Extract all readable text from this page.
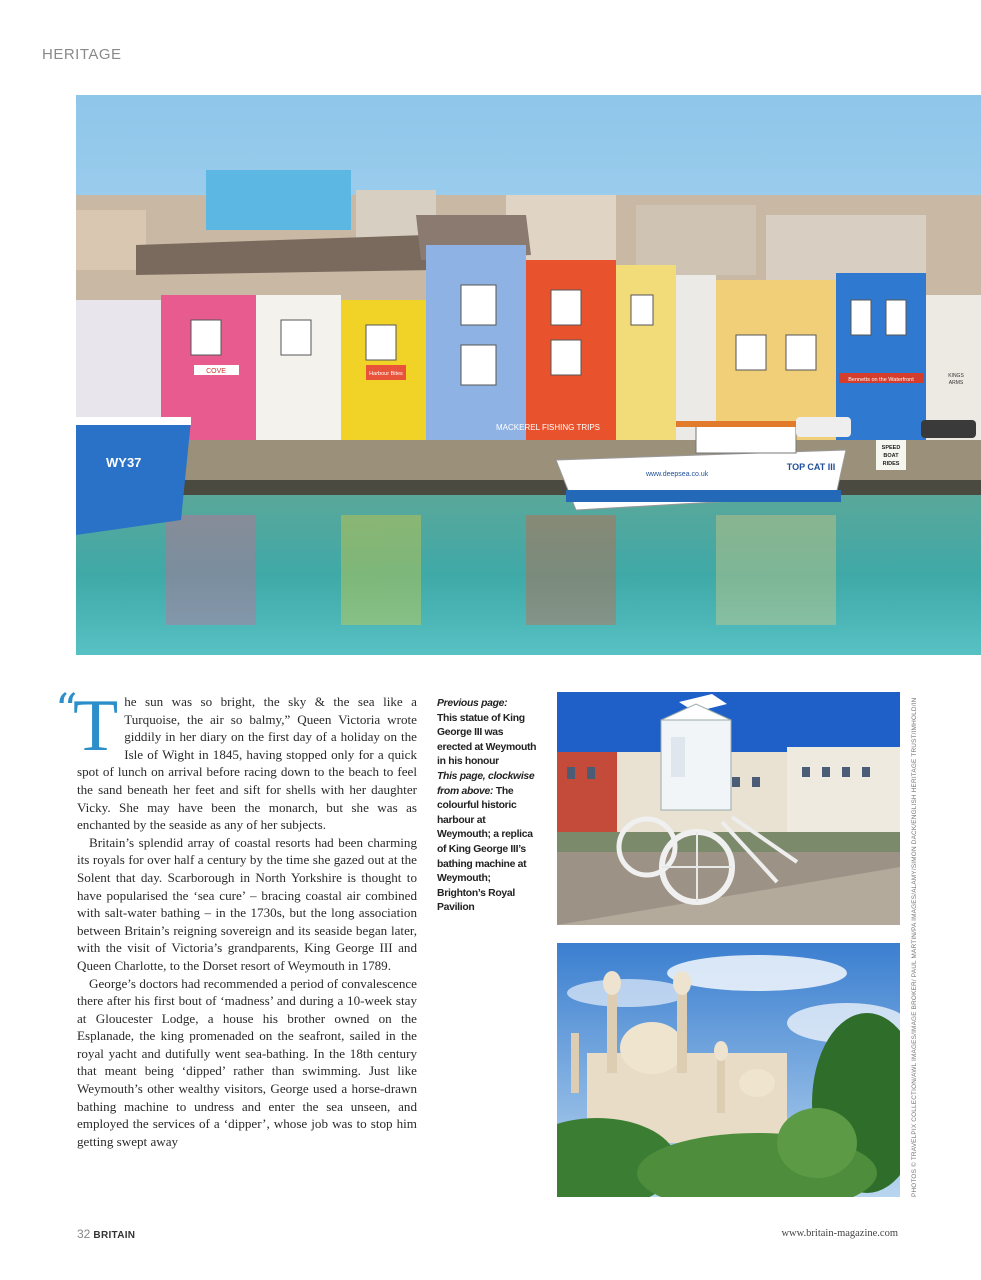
HERITAGE
COVE	Harbour Bites
Bennetts on the Waterfront
KINGS
ARMS
MACKEREL FISHING TRIPS
SPEED
BOAT
RIDES
WY37
www.deepsea.co.uk
TOP CAT III
“

The sun was so bright, the sky & the sea like a Turquoise, the air so balmy,” Queen Victoria wrote giddily in her diary on the first day of a holiday on the Isle of Wight in 1845, having stopped only for a quick spot of lunch on arrival before racing down to the beach to feel the sand beneath her feet and sift for shells with her daughter Vicky. She may have been the monarch, but she was as enchanted by the seaside as any of her subjects.

Britain’s splendid array of coastal resorts had been charming its royals for over half a century by the time she gazed out at the Solent that day. Scarborough in North Yorkshire is thought to have popularised the ‘sea cure’ – bracing coastal air combined with salt-water bathing – in the 1730s, but the long association between Britain’s reigning sovereign and its seaside began later, with the visit of Victoria’s grandparents, King George III and Queen Charlotte, to the Dorset resort of Weymouth in 1789.

George’s doctors had recommended a period of convalescence there after his first bout of ‘madness’ and during a 10-week stay at Gloucester Lodge, a house his brother owned on the Esplanade, the king promenaded on the seafront, sailed in the royal yacht and dutifully went sea-bathing. In the 18th century that meant being ‘dipped’ rather than swimming. Just like Weymouth’s other wealthy visitors, George used a horse-drawn bathing machine to undress and enter the sea unseen, and employed the services of a ‘dipper’, whose job was to stop him getting swept away

Previous page:
This statue of King George III was erected at Weymouth in his honour
This page, clockwise from above: The colourful historic harbour at Weymouth; a replica of King George III’s bathing machine at Weymouth; Brighton’s Royal Pavilion	PHOTOS © TRAVELPIX COLLECTION/AWL IMAGES/IMAGE BROKER/ PAUL MARTIN/PA IMAGES/ALAMY/SIMON DACK/ENGLISH HERITAGE TRUST/IMHOLD/IN
32 BRITAIN	www.britain-magazine.com
